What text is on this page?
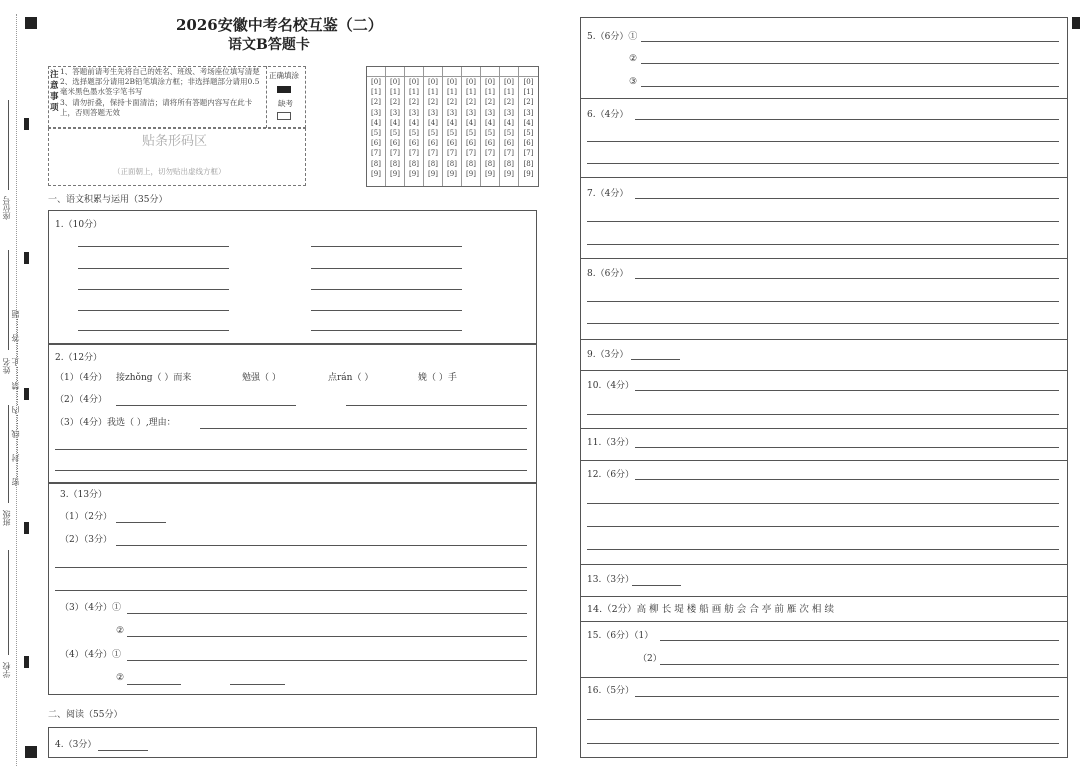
座位号
姓名 密……封……线……内……禁……止……答……题
班级
学校
2026安徽中考名校互鉴（二）
语文B答题卡
注意事项
1、答题前请考生先将自己的姓名、班级、考场座位填写清楚
2、选择题部分请用2B铅笔填涂方框；非选择题部分请用0.5毫米黑色墨水签字笔书写
3、请勿折叠，保持卡面清洁；请将所有答题内容写在此卡上，否则答题无效
正确填涂
缺考
贴条形码区
（正面朝上，切勿贴出虚线方框）
[0]
[1]
[2]
[3]
[4]
[5]
[6]
[7]
[8]
[9]
[0]
[1]
[2]
[3]
[4]
[5]
[6]
[7]
[8]
[9]
[0]
[1]
[2]
[3]
[4]
[5]
[6]
[7]
[8]
[9]
[0]
[1]
[2]
[3]
[4]
[5]
[6]
[7]
[8]
[9]
[0]
[1]
[2]
[3]
[4]
[5]
[6]
[7]
[8]
[9]
[0]
[1]
[2]
[3]
[4]
[5]
[6]
[7]
[8]
[9]
[0]
[1]
[2]
[3]
[4]
[5]
[6]
[7]
[8]
[9]
[0]
[1]
[2]
[3]
[4]
[5]
[6]
[7]
[8]
[9]
[0]
[1]
[2]
[3]
[4]
[5]
[6]
[7]
[8]
[9]
一、语文积累与运用（35分）
1.（10分）
2.（12分）
（1）（4分） 接zhǒng（ ）而来	勉强（ ）	点rán（ ）	娩（ ）手
（2）（4分）
（3）（4分）我选（ ）,理由：
3.（13分）
（1）（2分）
（2）（3分）
（3）（4分）①
②
（4）（4分）①
②
二、阅读（55分）
4.（3分）
5.（6分）①
②
③
6.（4分）
7.（4分）
8.（6分）
9.（3分）
10.（4分）
11.（3分）
12.（6分）
13.（3分）
14.（2分）高 柳 长 堤 楼 船 画 舫 会 合 亭 前 雁 次 相 续
15.（6分）（1）
（2）
16.（5分）
